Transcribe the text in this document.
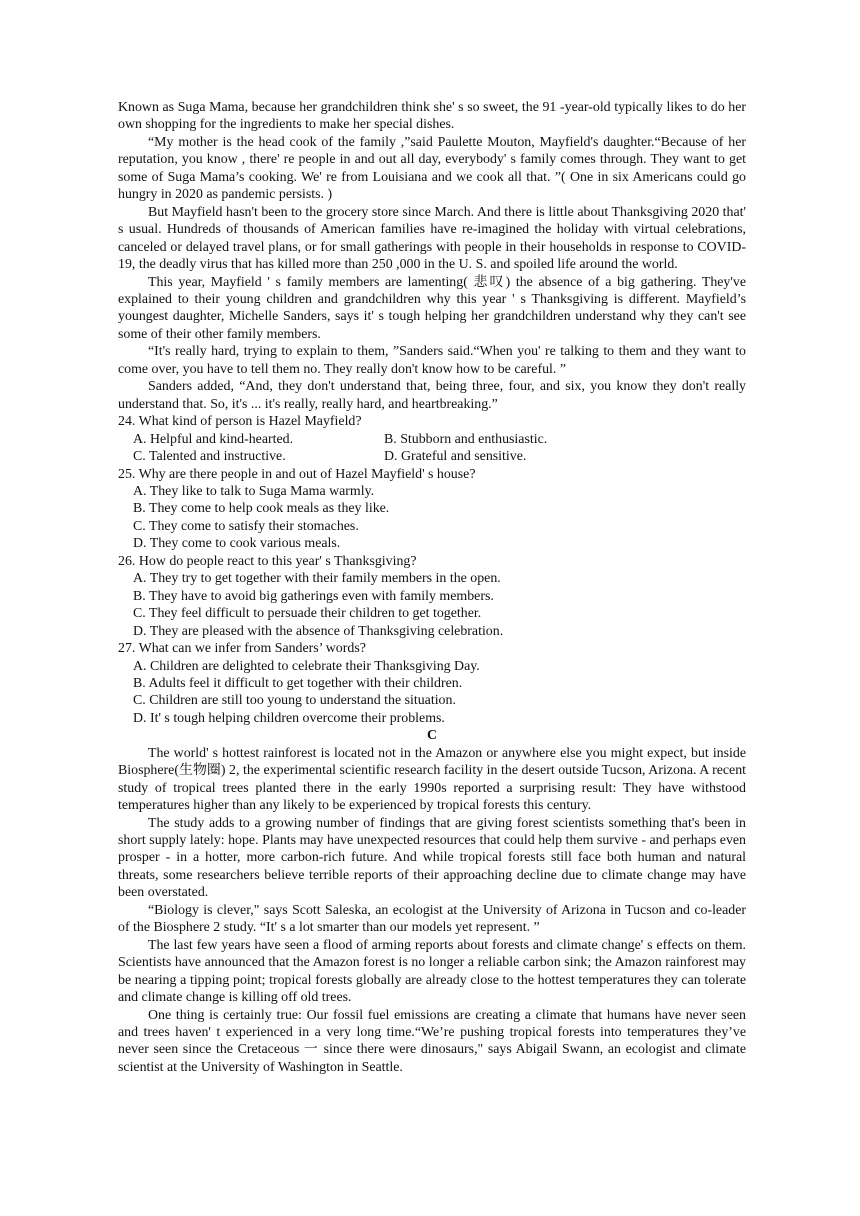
Known as Suga Mama, because her grandchildren think she' s so sweet, the 91 -year-old typically likes to do her own shopping for the ingredients to make her special dishes.

“My mother is the head cook of the family ,”said Paulette Mouton, Mayfield's daughter.“Because of her reputation, you know , there' re people in and out all day, everybody' s family comes through. They want to get some of Suga Mama’s cooking. We' re from Louisiana and we cook all that. ”( One in six Americans could go hungry in 2020 as pandemic persists. )

But Mayfield hasn't been to the grocery store since March. And there is little about Thanksgiving 2020 that' s usual. Hundreds of thousands of American families have re-imagined the holiday with virtual celebrations, canceled or delayed travel plans, or for small gatherings with people in their households in response to COVID-19, the deadly virus that has killed more than 250 ,000 in the U. S. and spoiled life around the world.

This year, Mayfield ' s family members are lamenting( 悲叹) the absence of a big gathering. They've explained to their young children and grandchildren why this year ' s Thanksgiving is different. Mayfield’s youngest daughter, Michelle Sanders, says it' s tough helping her grandchildren understand why they can't see some of their other family members.

“It's really hard, trying to explain to them, ”Sanders said.“When you' re talking to them and they want to come over, you have to tell them no. They really don't know how to be careful. ”

Sanders added, “And, they don't understand that, being three, four, and six, you know they don't really understand that. So, it's ... it's really, really hard, and heartbreaking.”

24. What kind of person is Hazel Mayfield?

A. Helpful and kind-hearted.	B. Stubborn and enthusiastic.
C. Talented and instructive.	D. Grateful and sensitive.

25. Why are there people in and out of Hazel Mayfield' s house?

A. They like to talk to Suga Mama warmly.

B. They come to help cook meals as they like.

C. They come to satisfy their stomaches.

D. They come to cook various meals.

26. How do people react to this year' s Thanksgiving?

A. They try to get together with their family members in the open.

B. They have to avoid big gatherings even with family members.

C. They feel difficult to persuade their children to get together.

D. They are pleased with the absence of Thanksgiving celebration.

27. What can we infer from Sanders’ words?

A. Children are delighted to celebrate their Thanksgiving Day.

B. Adults feel it difficult to get together with their children.

C. Children are still too young to understand the situation.

D. It' s tough helping children overcome their problems.

C

The world' s hottest rainforest is located not in the Amazon or anywhere else you might expect, but inside Biosphere(生物圈) 2, the experimental scientific research facility in the desert outside Tucson, Arizona. A recent study of tropical trees planted there in the early 1990s reported a surprising result: They have withstood temperatures higher than any likely to be experienced by tropical forests this century.

The study adds to a growing number of findings that are giving forest scientists something that's been in short supply lately: hope. Plants may have unexpected resources that could help them survive - and perhaps even prosper - in a hotter, more carbon-rich future. And while tropical forests still face both human and natural threats, some researchers believe terrible reports of their approaching decline due to climate change may have been overstated.

“Biology is clever," says Scott Saleska, an ecologist at the University of Arizona in Tucson and co-leader of the Biosphere 2 study. “It' s a lot smarter than our models yet represent. ”

The last few years have seen a flood of arming reports about forests and climate change' s effects on them. Scientists have announced that the Amazon forest is no longer a reliable carbon sink; the Amazon rainforest may be nearing a tipping point; tropical forests globally are already close to the hottest temperatures they can tolerate and climate change is killing off old trees.

One thing is certainly true: Our fossil fuel emissions are creating a climate that humans have never seen and trees haven' t experienced in a very long time.“We’re pushing tropical forests into temperatures they’ve never seen since the Cretaceous 一 since there were dinosaurs," says Abigail Swann, an ecologist and climate scientist at the University of Washington in Seattle.
